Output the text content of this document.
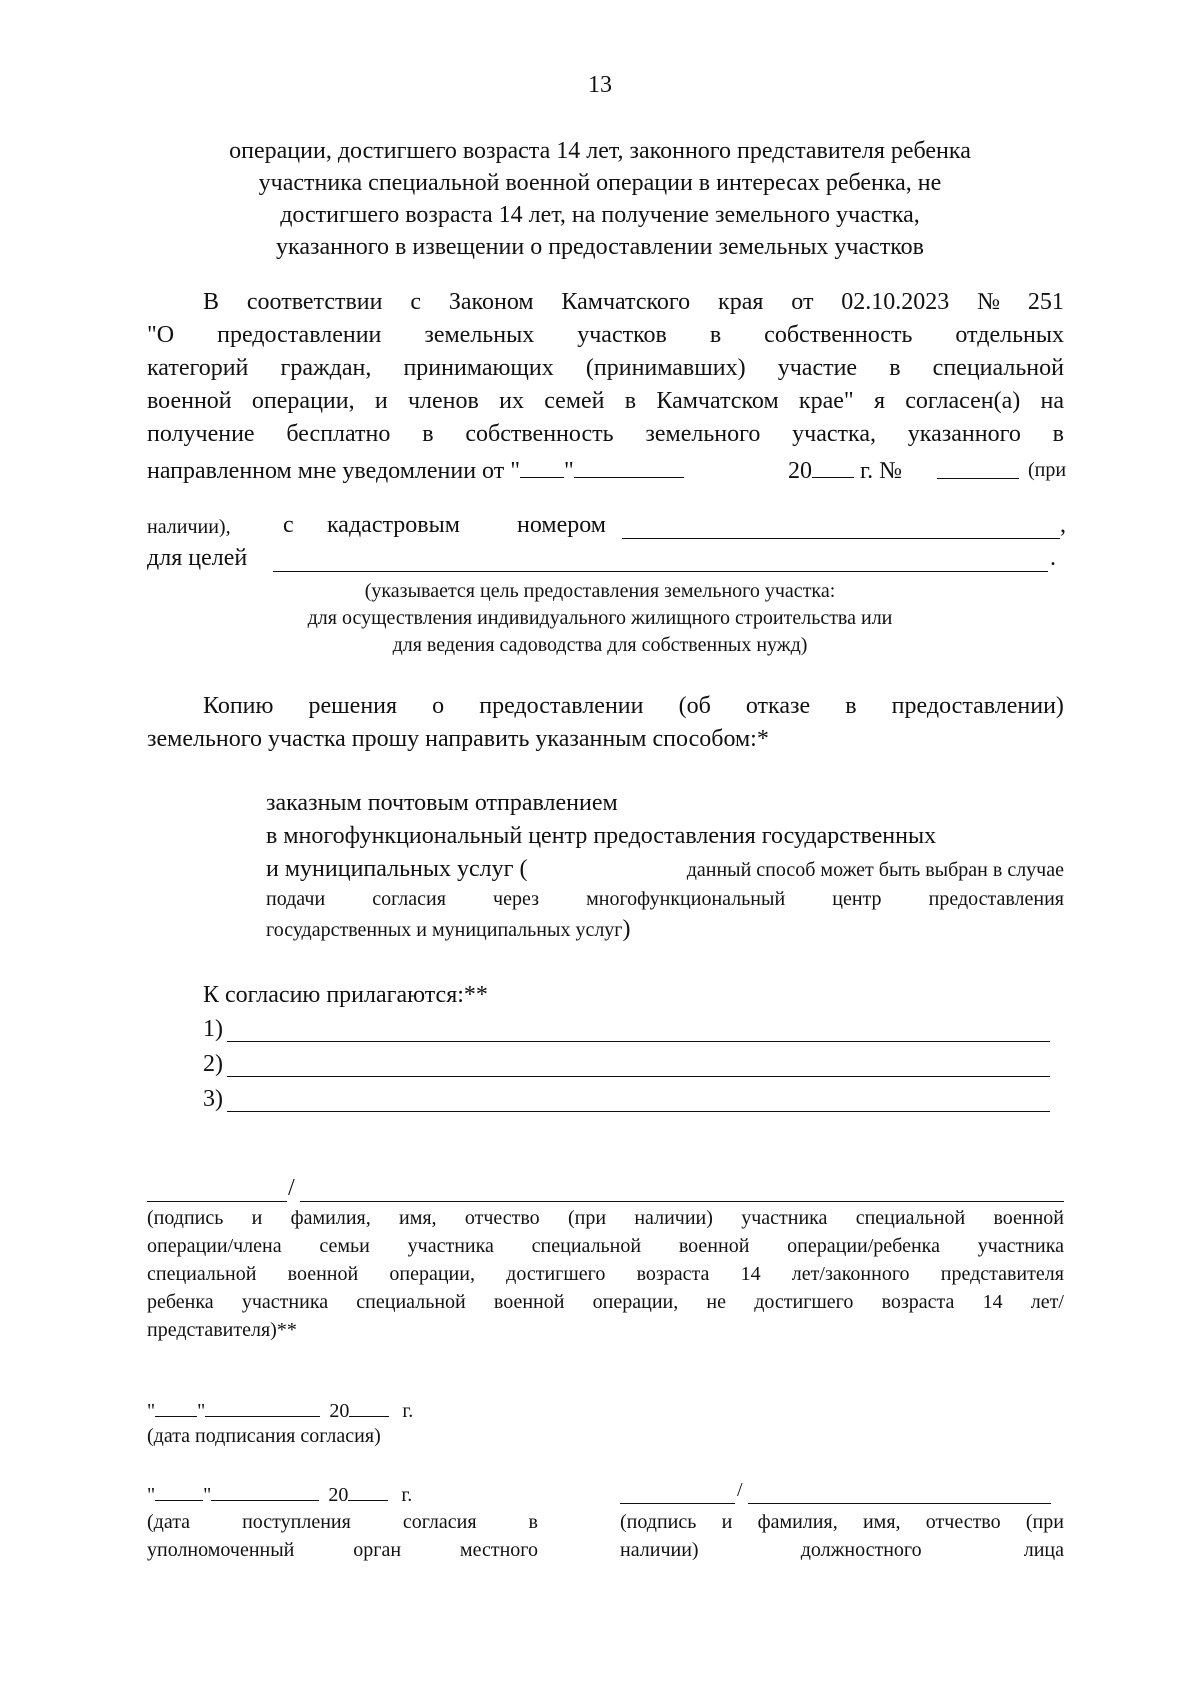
13
операции, достигшего возраста 14 лет, законного представителя ребенка
участника специальной военной операции в интересах ребенка, не
достигшего возраста 14 лет, на получение земельного участка,
указанного в извещении о предоставлении земельных участков
В соответствии с Законом Камчатского края от 02.10.2023 № 251
"О предоставлении земельных участков в собственность отдельных
категорий граждан, принимающих (принимавших) участие в специальной
военной операции, и членов их семей в Камчатском крае" я согласен(а) на
получение бесплатно в собственность земельного участка, указанного в
направленном мне уведомлении от " "	20 г. №	(при
наличии), с кадастровым номером	,
для целей	.
(указывается цель предоставления земельного участка:
для осуществления индивидуального жилищного строительства или
для ведения садоводства для собственных нужд)
Копию решения о предоставлении (об отказе в предоставлении)
земельного участка прошу направить указанным способом:*
заказным почтовым отправлением
в многофункциональный центр предоставления государственных
и муниципальных услуг (	данный способ может быть выбран в случае
подачи согласия через многофункциональный центр предоставления
государственных и муниципальных услуг )
К согласию прилагаются:**
1)
2)
3)
/
(подпись и фамилия, имя, отчество (при наличии) участника специальной военной
операции/члена семьи участника специальной военной операции/ребенка участника
специальной военной операции, достигшего возраста 14 лет/законного представителя
ребенка участника специальной военной операции, не достигшего возраста 14 лет/
представителя)**
" "	20	г.
(дата подписания согласия)
" "	20	г.
(дата	поступления	согласия	в
уполномоченный	орган	местного
/
(подпись и фамилия, имя, отчество (при
наличии)	должностного	лица
